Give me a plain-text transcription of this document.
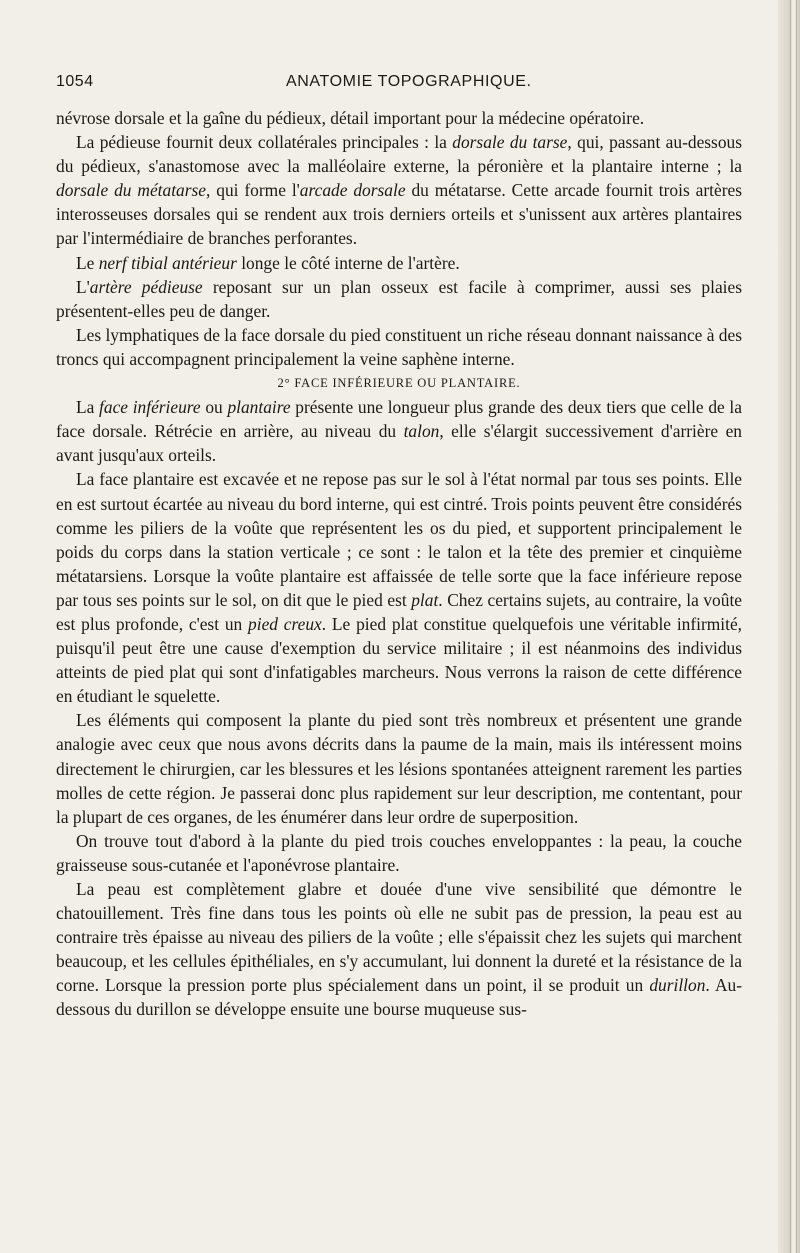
1054	ANATOMIE TOPOGRAPHIQUE.

névrose dorsale et la gaîne du pédieux, détail important pour la médecine opératoire.

La pédieuse fournit deux collatérales principales : la dorsale du tarse, qui, passant au-dessous du pédieux, s'anastomose avec la malléolaire externe, la péronière et la plantaire interne ; la dorsale du métatarse, qui forme l'arcade dorsale du métatarse. Cette arcade fournit trois artères interosseuses dorsales qui se rendent aux trois derniers orteils et s'unissent aux artères plantaires par l'intermédiaire de branches perforantes.

Le nerf tibial antérieur longe le côté interne de l'artère.

L'artère pédieuse reposant sur un plan osseux est facile à comprimer, aussi ses plaies présentent-elles peu de danger.

Les lymphatiques de la face dorsale du pied constituent un riche réseau donnant naissance à des troncs qui accompagnent principalement la veine saphène interne.

2° FACE INFÉRIEURE OU PLANTAIRE.

La face inférieure ou plantaire présente une longueur plus grande des deux tiers que celle de la face dorsale. Rétrécie en arrière, au niveau du talon, elle s'élargit successivement d'arrière en avant jusqu'aux orteils.

La face plantaire est excavée et ne repose pas sur le sol à l'état normal par tous ses points. Elle en est surtout écartée au niveau du bord interne, qui est cintré. Trois points peuvent être considérés comme les piliers de la voûte que représentent les os du pied, et supportent principalement le poids du corps dans la station verticale ; ce sont : le talon et la tête des premier et cinquième métatarsiens. Lorsque la voûte plantaire est affaissée de telle sorte que la face inférieure repose par tous ses points sur le sol, on dit que le pied est plat. Chez certains sujets, au contraire, la voûte est plus profonde, c'est un pied creux. Le pied plat constitue quelquefois une véritable infirmité, puisqu'il peut être une cause d'exemption du service militaire ; il est néanmoins des individus atteints de pied plat qui sont d'infatigables marcheurs. Nous verrons la raison de cette différence en étudiant le squelette.

Les éléments qui composent la plante du pied sont très nombreux et présentent une grande analogie avec ceux que nous avons décrits dans la paume de la main, mais ils intéressent moins directement le chirurgien, car les blessures et les lésions spontanées atteignent rarement les parties molles de cette région. Je passerai donc plus rapidement sur leur description, me contentant, pour la plupart de ces organes, de les énumérer dans leur ordre de superposition.

On trouve tout d'abord à la plante du pied trois couches enveloppantes : la peau, la couche graisseuse sous-cutanée et l'aponévrose plantaire.

La peau est complètement glabre et douée d'une vive sensibilité que démontre le chatouillement. Très fine dans tous les points où elle ne subit pas de pression, la peau est au contraire très épaisse au niveau des piliers de la voûte ; elle s'épaissit chez les sujets qui marchent beaucoup, et les cellules épithéliales, en s'y accumulant, lui donnent la dureté et la résistance de la corne. Lorsque la pression porte plus spécialement dans un point, il se produit un durillon. Au-dessous du durillon se développe ensuite une bourse muqueuse sus-
